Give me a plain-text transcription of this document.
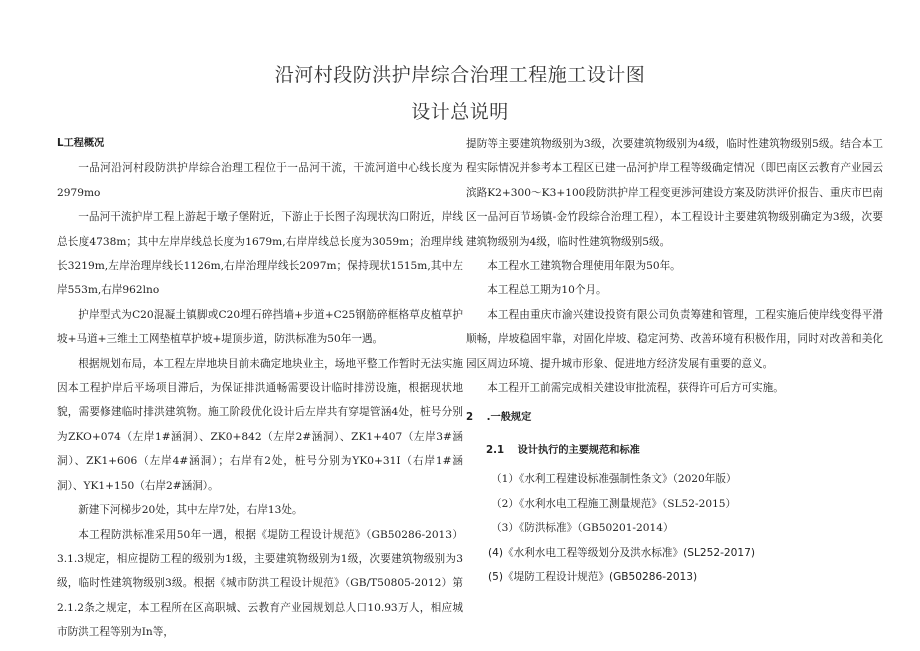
沿河村段防洪护岸综合治理工程施工设计图
设计总说明

L工程概况

一品河沿河村段防洪护岸综合治理工程位于一品河干流，干流河道中心线长度为2979mo

一品河干流护岸工程上游起于墩子堡附近，下游止于长图子沟现状沟口附近，岸线总长度4738m；其中左岸岸线总长度为1679m,右岸岸线总长度为3059m；治理岸线长3219m,左岸治理岸线长1126m,右岸治理岸线长2097m；保持现状1515m,其中左岸553m,右岸962lno

护岸型式为C20混凝土镇脚或C20埋石碎挡墙+步道+C25钢筋碎框格草皮植草护坡+马道+三维土工网垫植草护坡+堤顶步道，防洪标准为50年一遇。

根据规划布局，本工程左岸地块目前未确定地块业主，场地平整工作暂时无法实施因本工程护岸后平场项目滞后，为保证排洪通畅需要设计临时排涝设施，根据现状地貌，需要修建临时排洪建筑物。施工阶段优化设计后左岸共有穿堤管涵4处，桩号分别为ZKO+074（左岸1#涵洞）、ZK0+842（左岸2#涵洞）、ZK1+407（左岸3#涵洞）、ZK1+606（左岸4#涵洞）；右岸有2处，桩号分别为YK0+31I（右岸1#涵洞）、YK1+150（右岸2#涵洞）。

新建下河梯步20处，其中左岸7处，右岸13处。

本工程防洪标准采用50年一遇，根据《堤防工程设计规范》（GB50286-2013）3.1.3规定，相应提防工程的级别为1级，主要建筑物级别为1级，次要建筑物级别为3级，临时性建筑物级别3级。根据《城市防洪工程设计规范》（GB/T50805-2012）第2.1.2条之规定，本工程所在区高职城、云教育产业园规划总人口10.93万人，相应城市防洪工程等别为In等，

提防等主要建筑物级别为3级，次要建筑物级别为4级，临时性建筑物级别5级。结合本工程实际情况并参考本工程区已建一品河护岸工程等级确定情况（即巴南区云教育产业园云滨路K2+300～K3+100段防洪护岸工程变更涉河建设方案及防洪评价报告、重庆市巴南区一品河百节场镇-金竹段综合治理工程），本工程设计主要建筑物级别确定为3级，次要建筑物级别为4级，临时性建筑物级别5级。

本工程水工建筑物合理使用年限为50年。

本工程总工期为10个月。

本工程由重庆市渝兴建设投资有限公司负责筹建和管理，工程实施后使岸线变得平滑顺畅，岸坡稳固牢靠，对固化岸坡、稳定河势、改善环境有积极作用，同时对改善和美化园区周边环境、提升城市形象、促进地方经济发展有重要的意义。

本工程开工前需完成相关建设审批流程，获得许可后方可实施。

2 .一般规定

2.1 设计执行的主要规范和标准

（1）《水利工程建设标准强制性条文》（2020年版）

（2）《水利水电工程施工测量规范》（SL52-2015）

（3）《防洪标准》（GB50201-2014）

(4)《水利水电工程等级划分及洪水标准》(SL252-2017)

(5)《堤防工程设计规范》(GB50286-2013)
